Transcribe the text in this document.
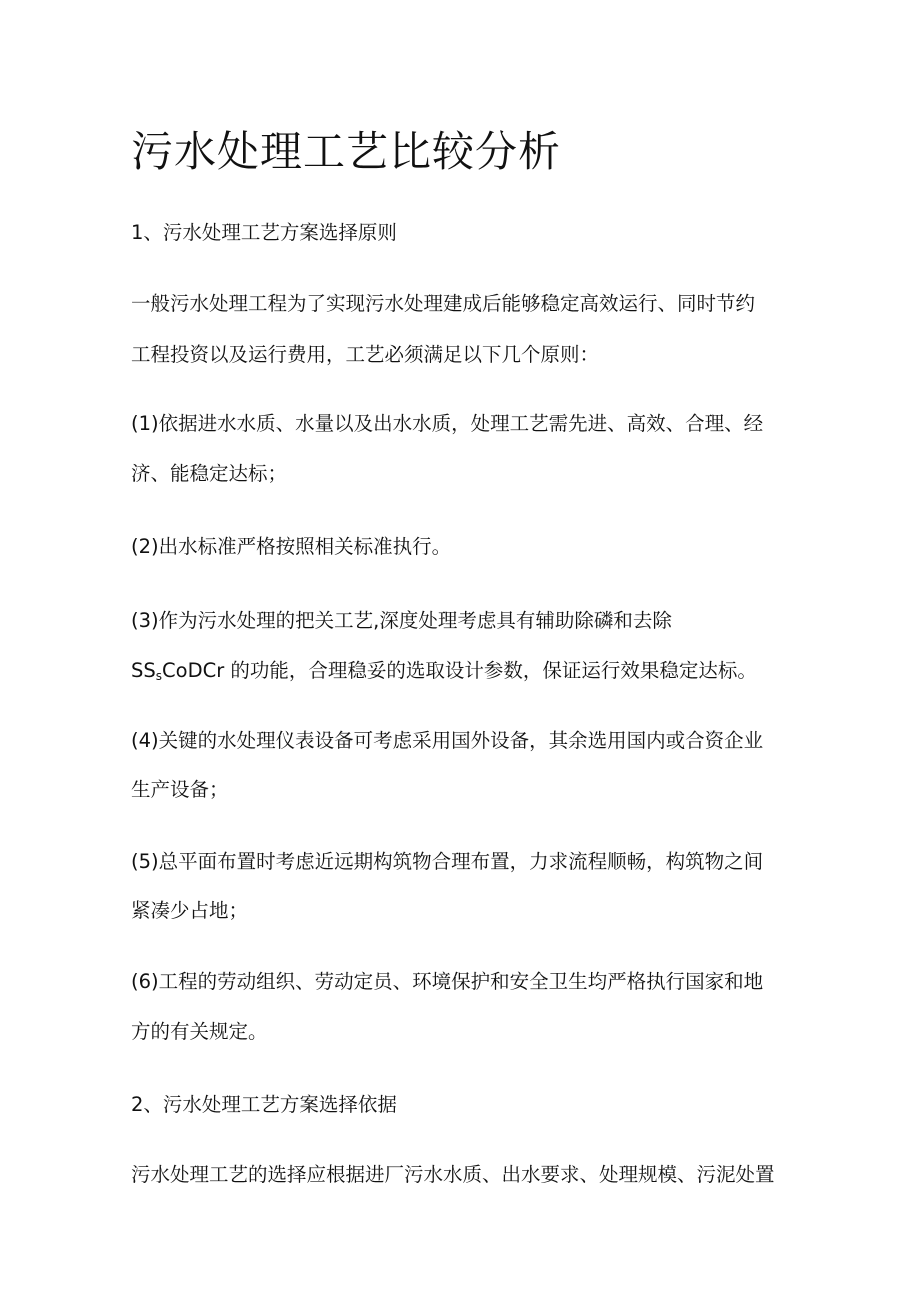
污水处理工艺比较分析

1、污水处理工艺方案选择原则

一般污水处理工程为了实现污水处理建成后能够稳定高效运行、同时节约

工程投资以及运行费用，工艺必须满足以下几个原则：

(1)依据进水水质、水量以及出水水质，处理工艺需先进、高效、合理、经

济、能稳定达标；

(2)出水标准严格按照相关标准执行。

(3)作为污水处理的把关工艺,深度处理考虑具有辅助除磷和去除

$SS_sCoDCr$ 的功能，合理稳妥的选取设计参数，保证运行效果稳定达标。

(4)关键的水处理仪表设备可考虑采用国外设备，其余选用国内或合资企业

生产设备；

(5)总平面布置时考虑近远期构筑物合理布置，力求流程顺畅，构筑物之间

紧凑少占地；

(6)工程的劳动组织、劳动定员、环境保护和安全卫生均严格执行国家和地

方的有关规定。

2、污水处理工艺方案选择依据

污水处理工艺的选择应根据进厂污水水质、出水要求、处理规模、污泥处置
